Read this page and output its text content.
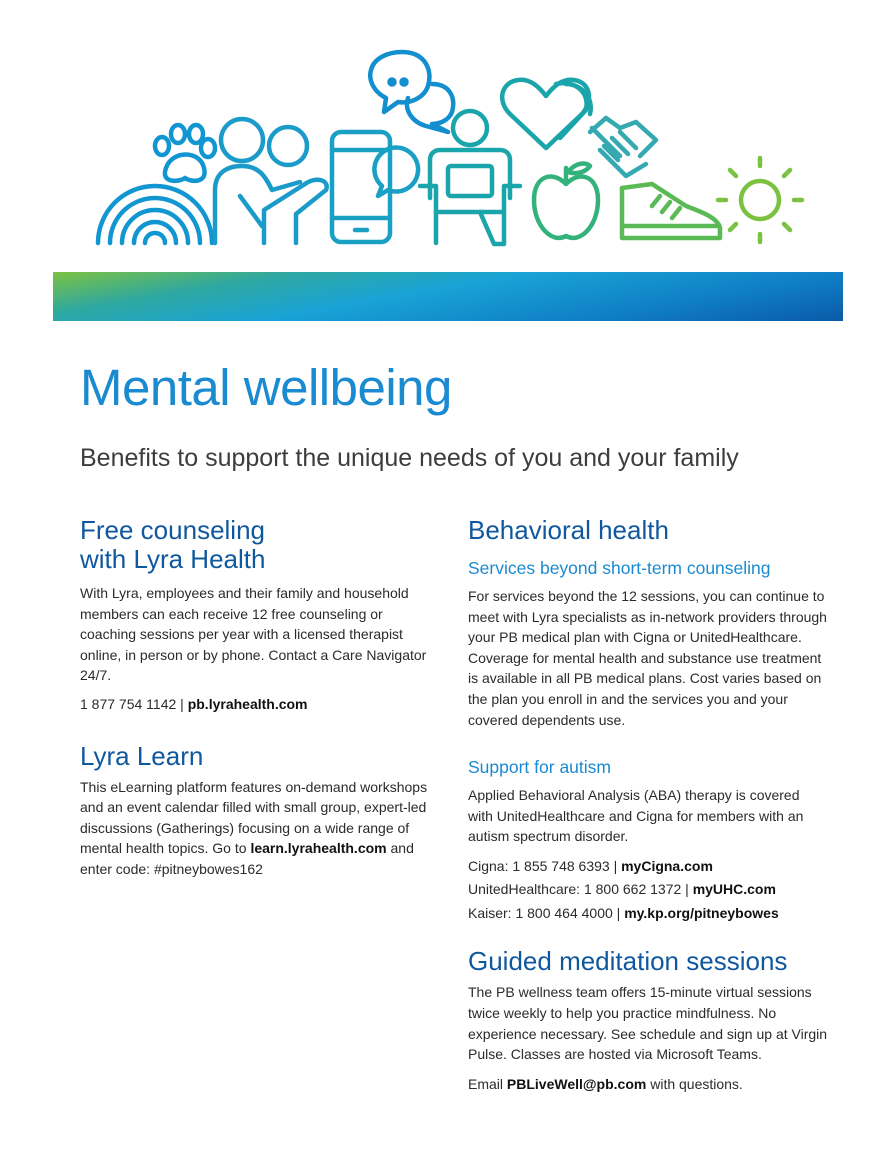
Mental wellbeing
Benefits to support the unique needs of you and your family
Free counseling
with Lyra Health

With Lyra, employees and their family and household members can each receive 12 free counseling or coaching sessions per year with a licensed therapist online, in person or by phone. Contact a Care Navigator 24/7.

1 877 754 1142 | pb.lyrahealth.com

Lyra Learn

This eLearning platform features on-demand workshops and an event calendar filled with small group, expert-led discussions (Gatherings) focusing on a wide range of mental health topics. Go to learn.lyrahealth.com and enter code: #pitneybowes162

Behavioral health
Services beyond short-term counseling

For services beyond the 12 sessions, you can continue to meet with Lyra specialists as in-network providers through your PB medical plan with Cigna or UnitedHealthcare. Coverage for mental health and substance use treatment is available in all PB medical plans. Cost varies based on the plan you enroll in and the services you and your covered dependents use.

Support for autism

Applied Behavioral Analysis (ABA) therapy is covered with UnitedHealthcare and Cigna for members with an autism spectrum disorder.

Cigna: 1 855 748 6393 | myCigna.com
UnitedHealthcare: 1 800 662 1372 | myUHC.com
Kaiser: 1 800 464 4000 | my.kp.org/pitneybowes

Guided meditation sessions

The PB wellness team offers 15-minute virtual sessions twice weekly to help you practice mindfulness. No experience necessary. See schedule and sign up at Virgin Pulse. Classes are hosted via Microsoft Teams.

Email PBLiveWell@pb.com with questions.
